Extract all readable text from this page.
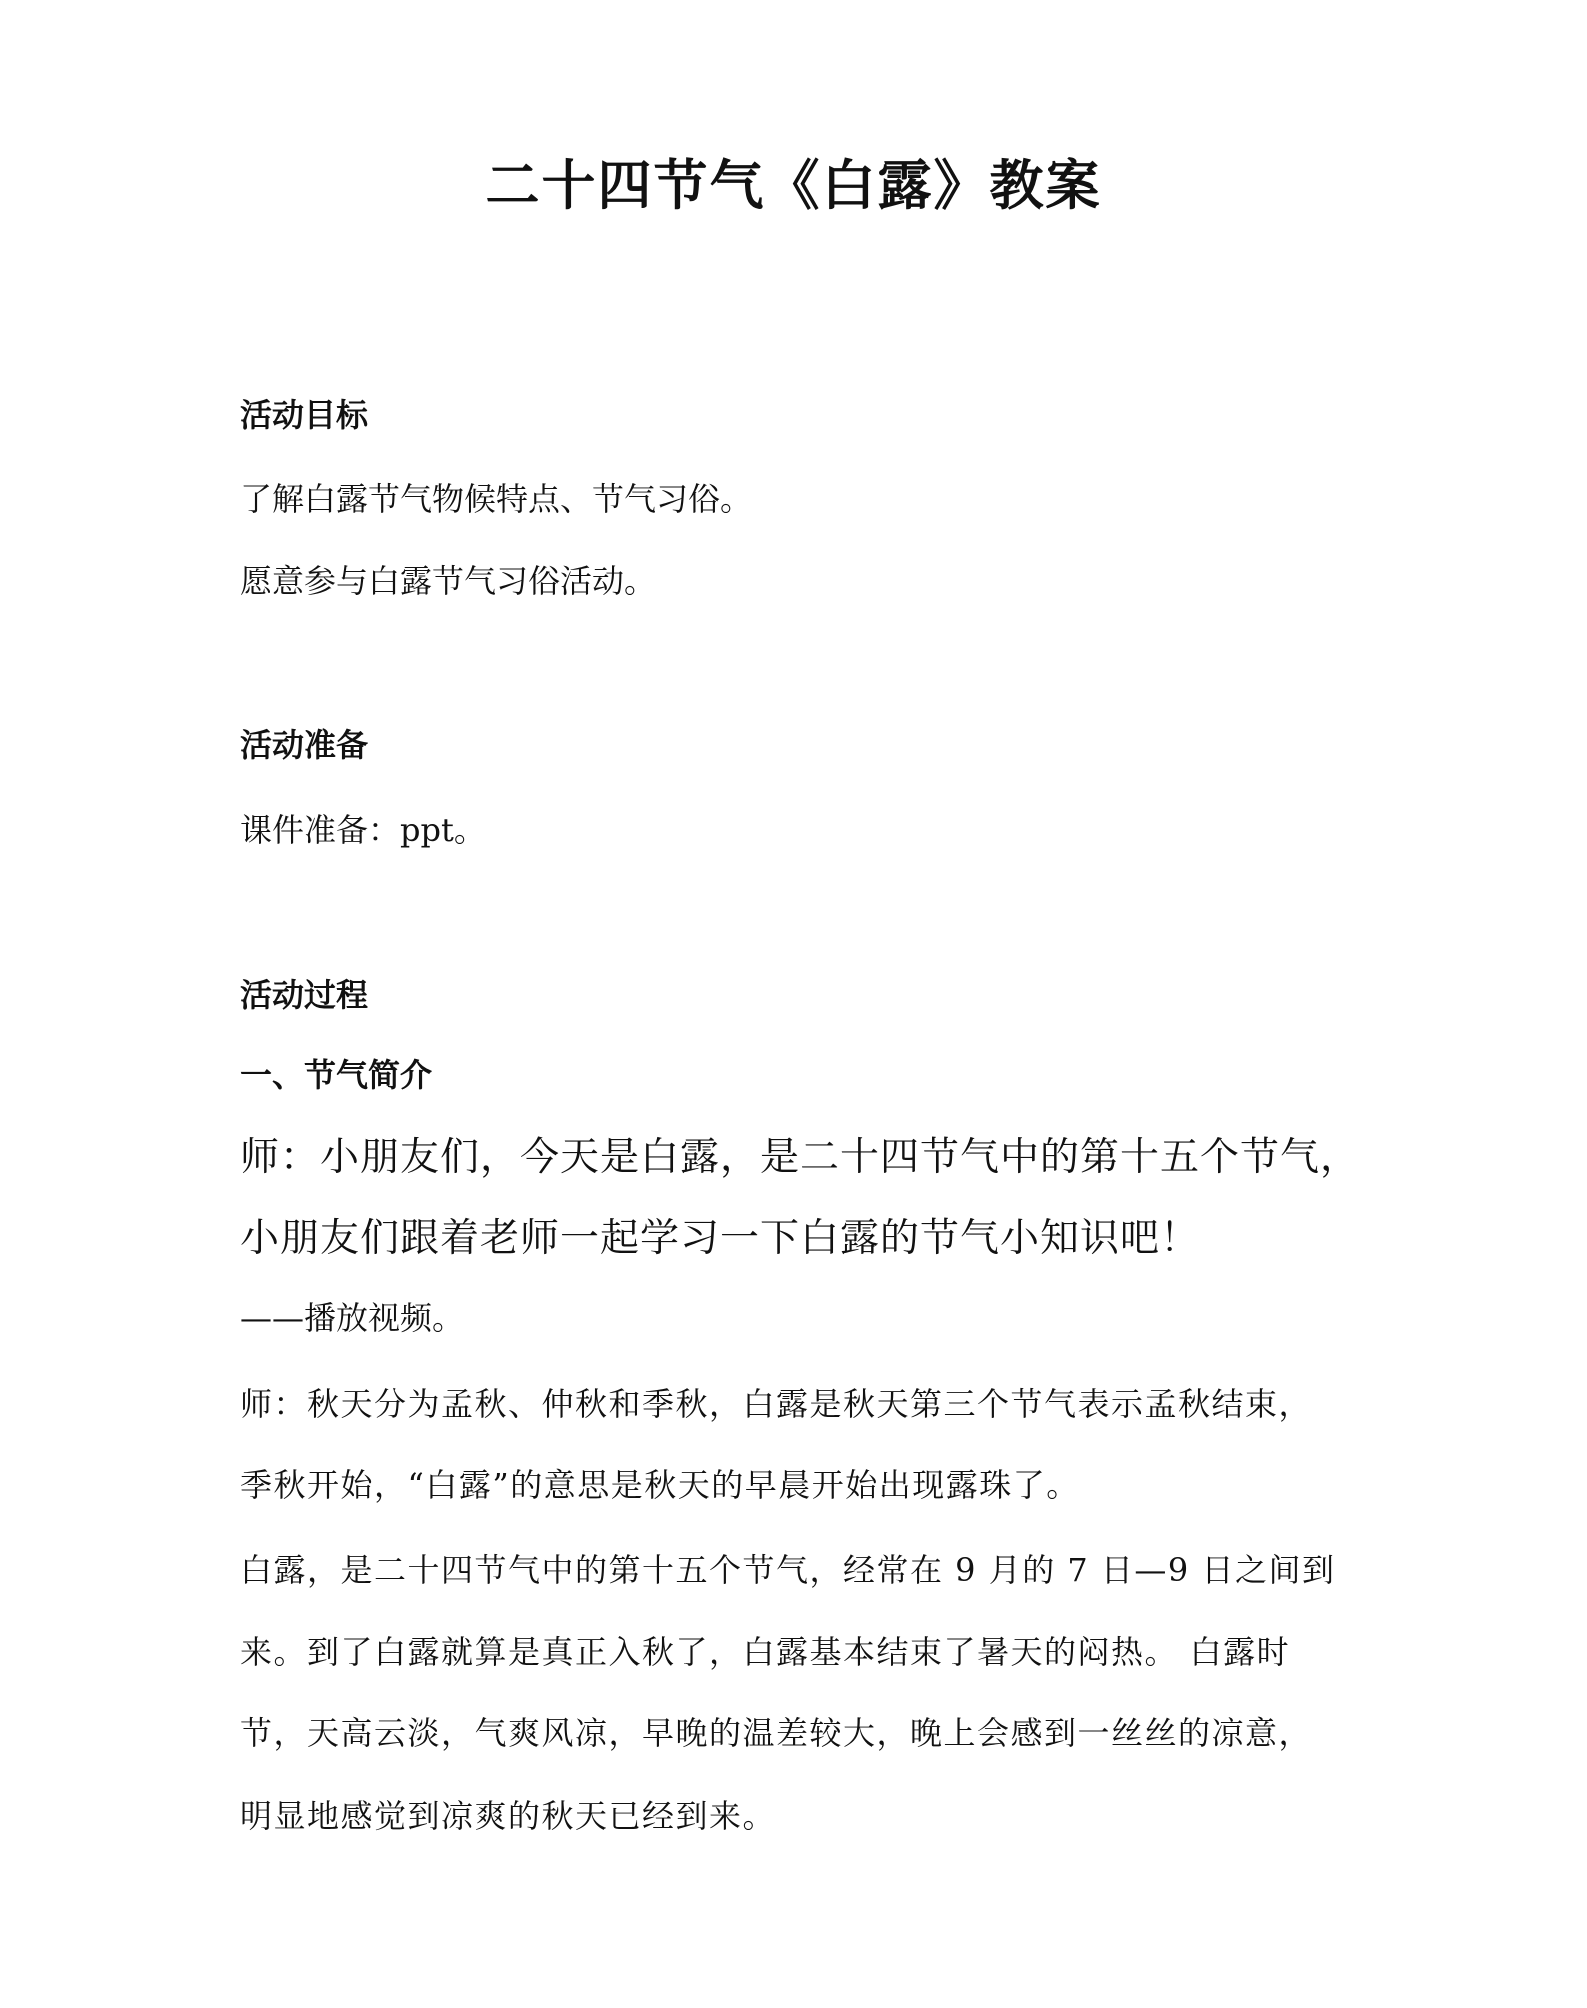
二十四节气《白露》教案
活动目标
了解白露节气物候特点、节气习俗。
愿意参与白露节气习俗活动。
活动准备
课件准备：ppt。
活动过程
一、节气简介
师：小朋友们，今天是白露，是二十四节气中的第十五个节气，
小朋友们跟着老师一起学习一下白露的节气小知识吧！
——播放视频。
师：秋天分为孟秋、仲秋和季秋，白露是秋天第三个节气表示孟秋结束，
季秋开始，“白露”的意思是秋天的早晨开始出现露珠了。
白露，是二十四节气中的第十五个节气，经常在 9 月的 7 日—9 日之间到
来。到了白露就算是真正入秋了，白露基本结束了暑天的闷热。 白露时
节，天高云淡，气爽风凉，早晚的温差较大，晚上会感到一丝丝的凉意，
明显地感觉到凉爽的秋天已经到来。
